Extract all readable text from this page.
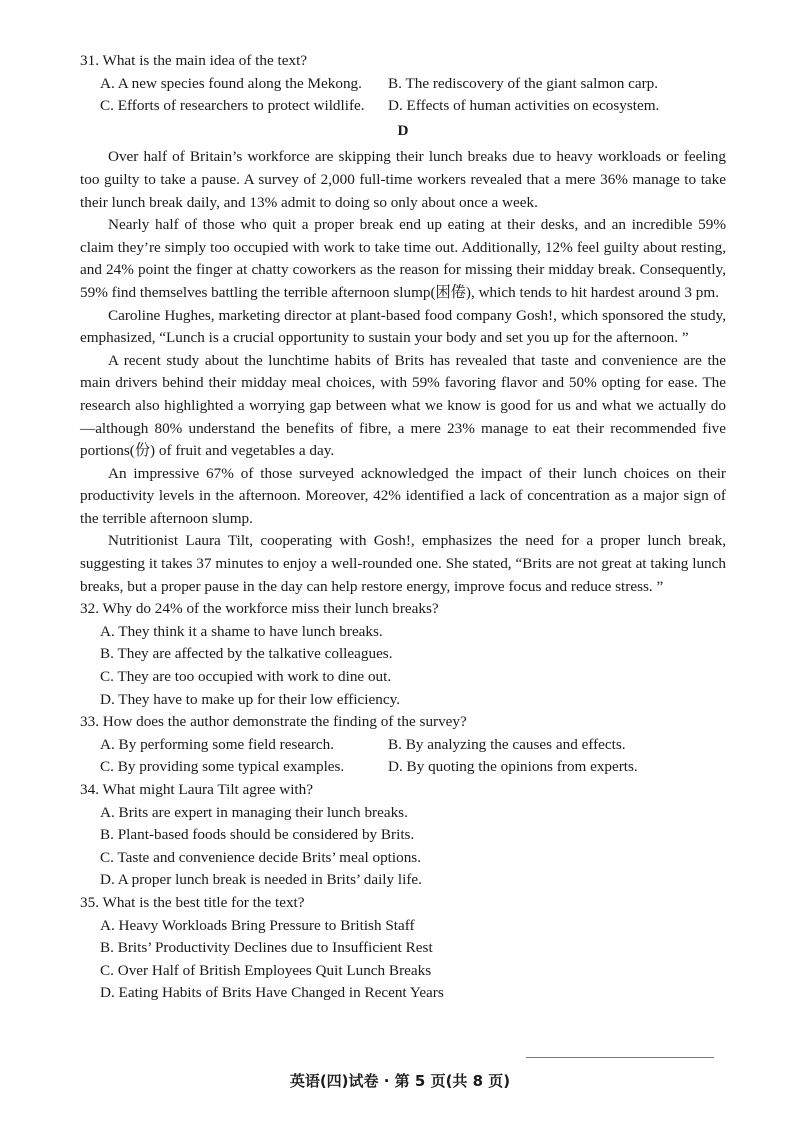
31. What is the main idea of the text?

A. A new species found along the Mekong.	B. The rediscovery of the giant salmon carp.

C. Efforts of researchers to protect wildlife.	D. Effects of human activities on ecosystem.

D

Over half of Britain’s workforce are skipping their lunch breaks due to heavy workloads or feeling too guilty to take a pause. A survey of 2,000 full-time workers revealed that a mere 36% manage to take their lunch break daily, and 13% admit to doing so only about once a week.

Nearly half of those who quit a proper break end up eating at their desks, and an incredible 59% claim they’re simply too occupied with work to take time out. Additionally, 12% feel guilty about resting, and 24% point the finger at chatty coworkers as the reason for missing their midday break. Consequently, 59% find themselves battling the terrible afternoon slump(困倦), which tends to hit hardest around 3 pm.

Caroline Hughes, marketing director at plant-based food company Gosh!, which sponsored the study, emphasized, “Lunch is a crucial opportunity to sustain your body and set you up for the afternoon. ”

A recent study about the lunchtime habits of Brits has revealed that taste and convenience are the main drivers behind their midday meal choices, with 59% favoring flavor and 50% opting for ease. The research also highlighted a worrying gap between what we know is good for us and what we actually do—although 80% understand the benefits of fibre, a mere 23% manage to eat their recommended five portions(份) of fruit and vegetables a day.

An impressive 67% of those surveyed acknowledged the impact of their lunch choices on their productivity levels in the afternoon. Moreover, 42% identified a lack of concentration as a major sign of the terrible afternoon slump.

Nutritionist Laura Tilt, cooperating with Gosh!, emphasizes the need for a proper lunch break, suggesting it takes 37 minutes to enjoy a well-rounded one. She stated, “Brits are not great at taking lunch breaks, but a proper pause in the day can help restore energy, improve focus and reduce stress. ”

32. Why do 24% of the workforce miss their lunch breaks?

A. They think it a shame to have lunch breaks.

B. They are affected by the talkative colleagues.

C. They are too occupied with work to dine out.

D. They have to make up for their low efficiency.

33. How does the author demonstrate the finding of the survey?

A. By performing some field research.	B. By analyzing the causes and effects.

C. By providing some typical examples.	D. By quoting the opinions from experts.

34. What might Laura Tilt agree with?

A. Brits are expert in managing their lunch breaks.

B. Plant-based foods should be considered by Brits.

C. Taste and convenience decide Brits’ meal options.

D. A proper lunch break is needed in Brits’ daily life.

35. What is the best title for the text?

A. Heavy Workloads Bring Pressure to British Staff

B. Brits’ Productivity Declines due to Insufficient Rest

C. Over Half of British Employees Quit Lunch Breaks

D. Eating Habits of Brits Have Changed in Recent Years

英语(四)试卷 · 第 5 页(共 8 页)
